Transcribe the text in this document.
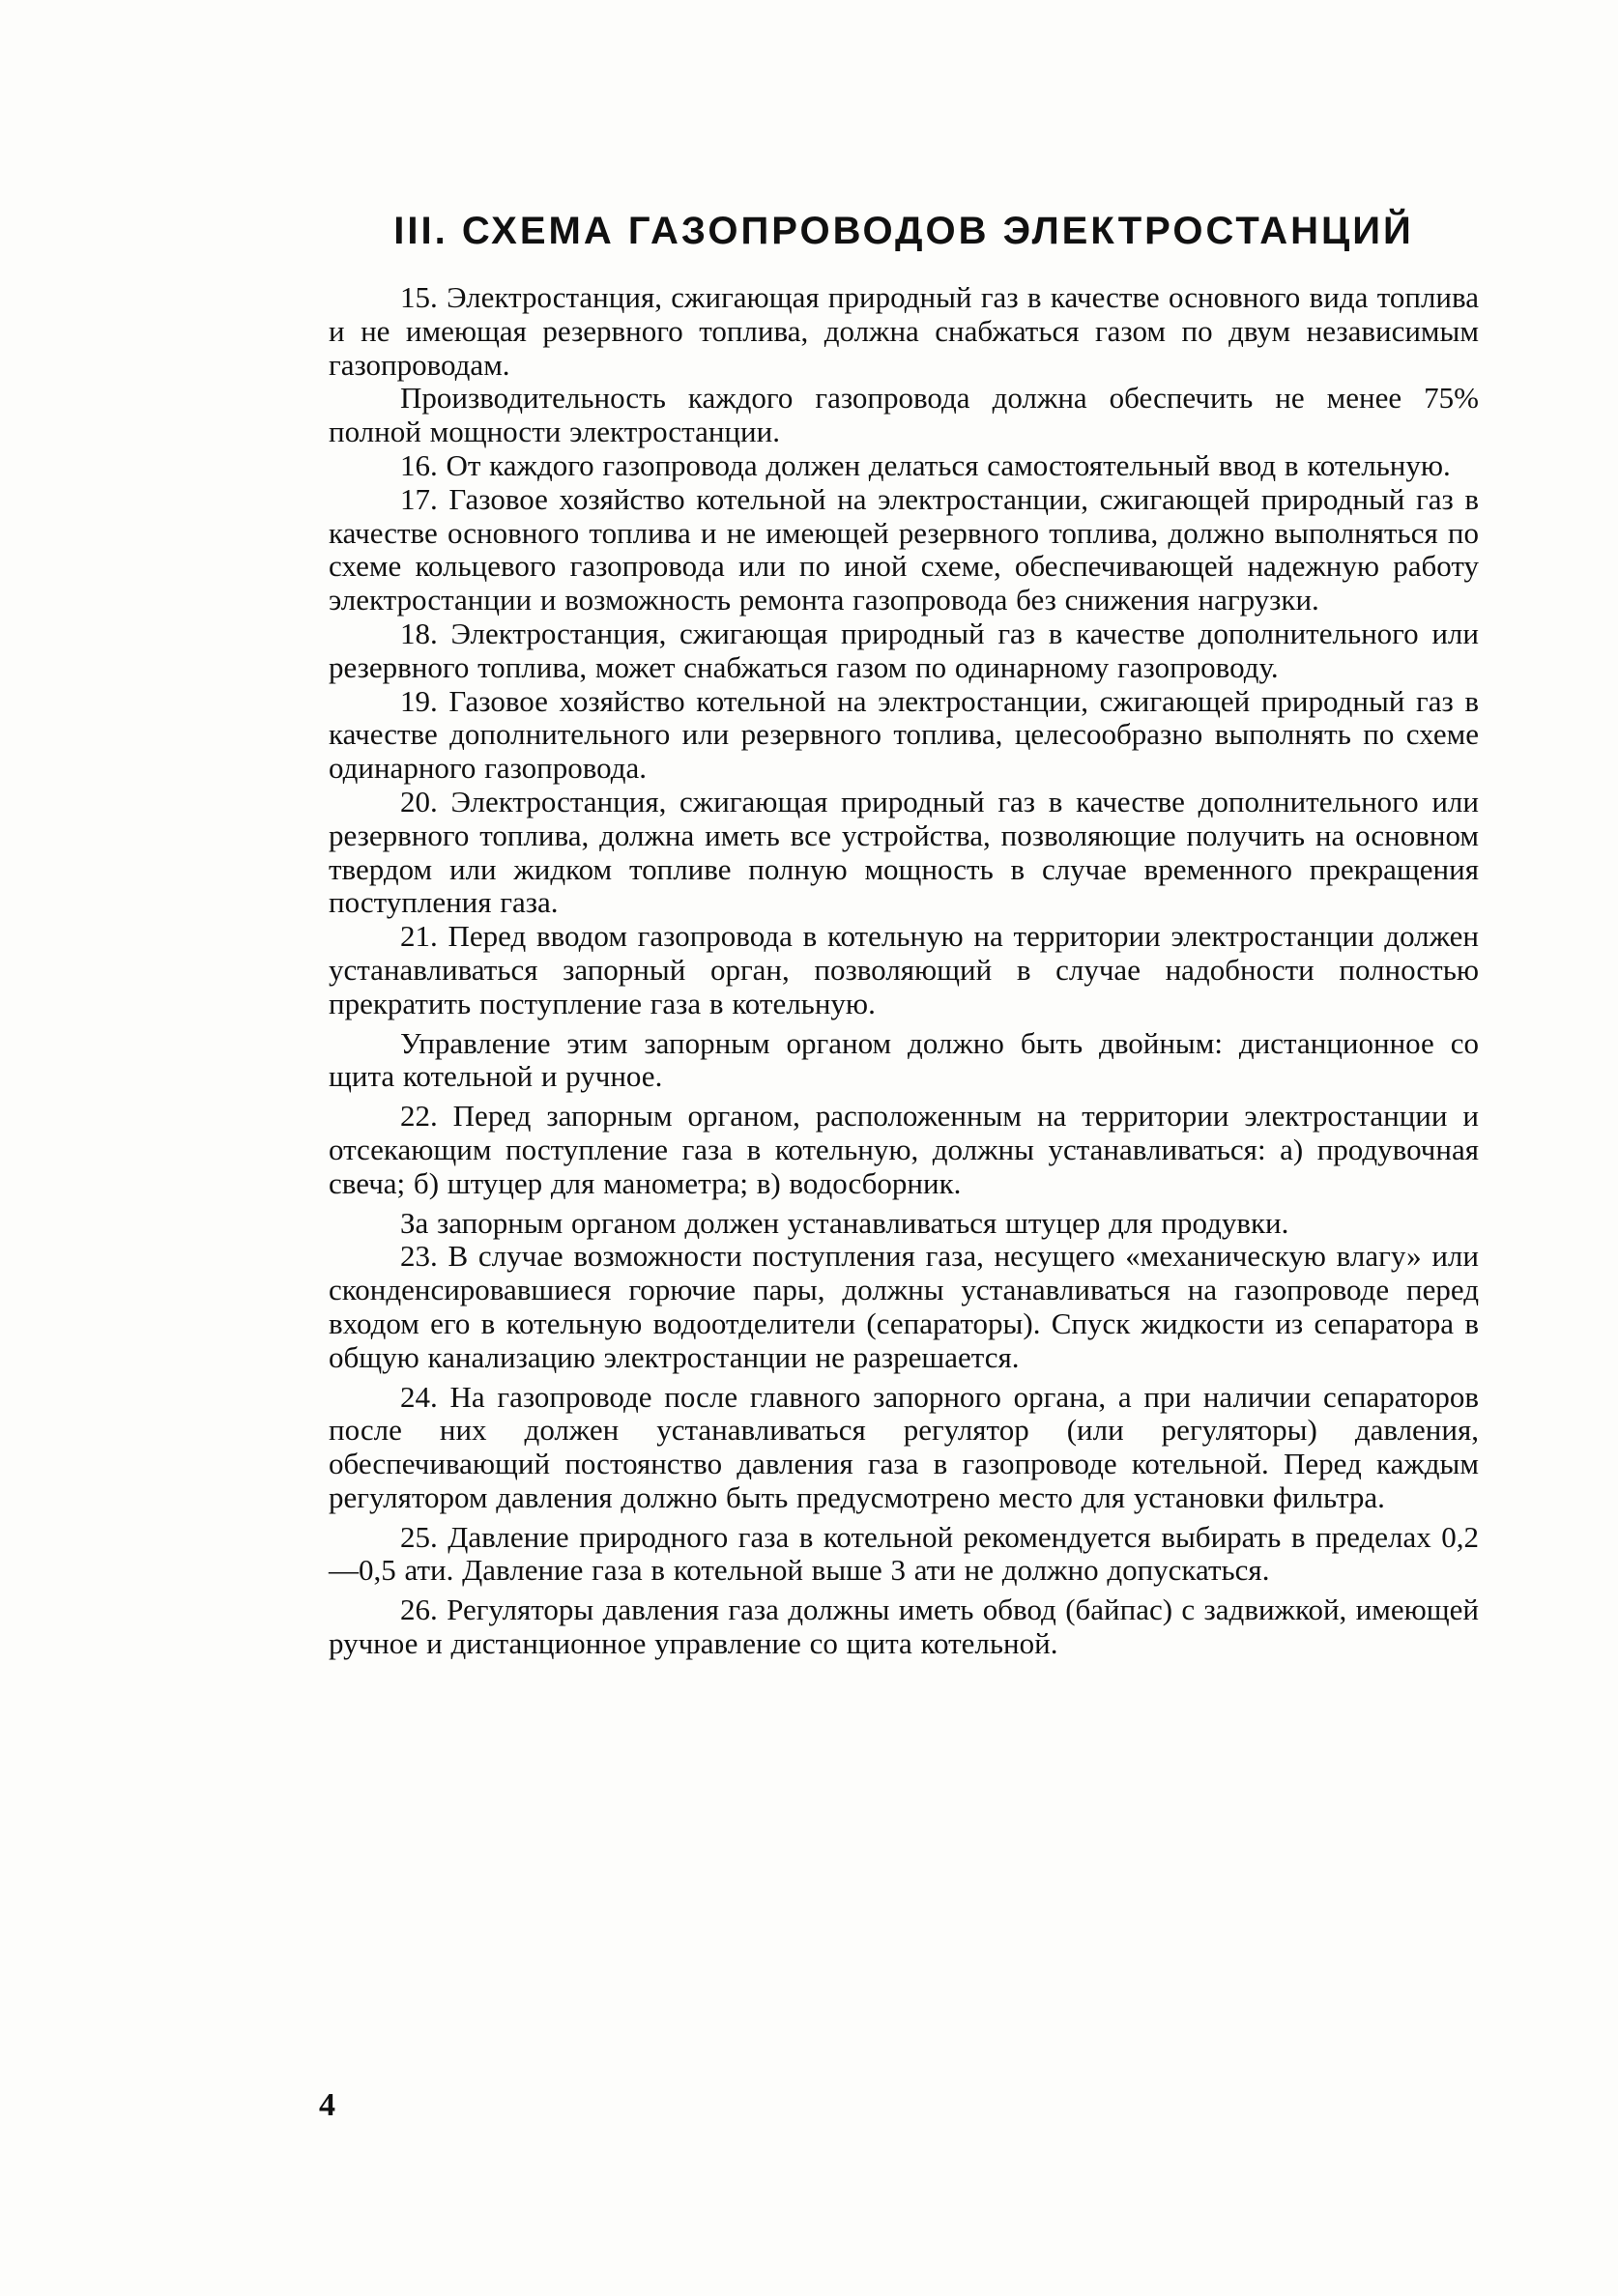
III. СХЕМА ГАЗОПРОВОДОВ ЭЛЕКТРОСТАНЦИЙ

15. Электростанция, сжигающая природный газ в качестве основного вида топлива и не имеющая резервного топлива, должна снабжаться газом по двум независимым газопроводам.

Производительность каждого газопровода должна обеспечить не менее 75% полной мощности электростанции.

16. От каждого газопровода должен делаться самостоятельный ввод в котельную.

17. Газовое хозяйство котельной на электростанции, сжигающей природный газ в качестве основного топлива и не имеющей резервного топлива, должно выполняться по схеме кольцевого газопровода или по иной схеме, обеспечивающей надежную работу электростанции и возможность ремонта газопровода без снижения нагрузки.

18. Электростанция, сжигающая природный газ в качестве дополнительного или резервного топлива, может снабжаться газом по одинарному газопроводу.

19. Газовое хозяйство котельной на электростанции, сжигающей природный газ в качестве дополнительного или резервного топлива, целесообразно выполнять по схеме одинарного газопровода.

20. Электростанция, сжигающая природный газ в качестве дополнительного или резервного топлива, должна иметь все устройства, позволяющие получить на основном твердом или жидком топливе полную мощность в случае временного прекращения поступления газа.

21. Перед вводом газопровода в котельную на территории электростанции должен устанавливаться запорный орган, позволяющий в случае надобности полностью прекратить поступление газа в котельную.

Управление этим запорным органом должно быть двойным: дистанционное со щита котельной и ручное.

22. Перед запорным органом, расположенным на территории электростанции и отсекающим поступление газа в котельную, должны устанавливаться: а) продувочная свеча; б) штуцер для манометра; в) водосборник.

За запорным органом должен устанавливаться штуцер для продувки.

23. В случае возможности поступления газа, несущего «механическую влагу» или сконденсировавшиеся горючие пары, должны устанавливаться на газопроводе перед входом его в котельную водоотделители (сепараторы). Спуск жидкости из сепаратора в общую канализацию электростанции не разрешается.

24. На газопроводе после главного запорного органа, а при наличии сепараторов после них должен устанавливаться регулятор (или регуляторы) давления, обеспечивающий постоянство давления газа в газопроводе котельной. Перед каждым регулятором давления должно быть предусмотрено место для установки фильтра.

25. Давление природного газа в котельной рекомендуется выбирать в пределах 0,2—0,5 ати. Давление газа в котельной выше 3 ати не должно допускаться.

26. Регуляторы давления газа должны иметь обвод (байпас) с задвижкой, имеющей ручное и дистанционное управление со щита котельной.

4
